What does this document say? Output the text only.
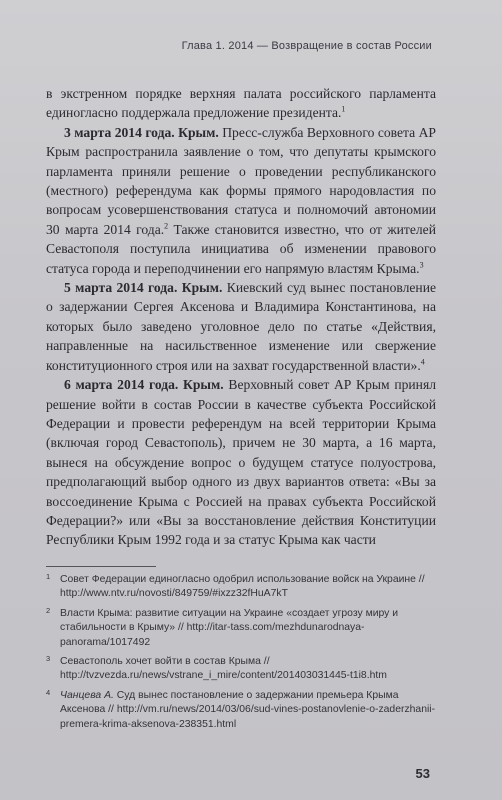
Глава 1. 2014 — Возвращение в состав России

в экстренном порядке верхняя палата российского парламента единогласно поддержала предложение президента.$^1$

3 марта 2014 года. Крым. Пресс-служба Верховного совета АР Крым распространила заявление о том, что депутаты крымского парламента приняли решение о проведении республиканского (местного) референдума как формы прямого народовластия по вопросам усовершенствования статуса и полномочий автономии 30 марта 2014 года.$^2$ Также становится известно, что от жителей Севастополя поступила инициатива об изменении правового статуса города и переподчинении его напрямую властям Крыма.$^3$

5 марта 2014 года. Крым. Киевский суд вынес постановление о задержании Сергея Аксенова и Владимира Константинова, на которых было заведено уголовное дело по статье «Действия, направленные на насильственное изменение или свержение конституционного строя или на захват государственной власти».$^4$

6 марта 2014 года. Крым. Верховный совет АР Крым принял решение войти в состав России в качестве субъекта Российской Федерации и провести референдум на всей территории Крыма (включая город Севастополь), причем не 30 марта, а 16 марта, вынеся на обсуждение вопрос о будущем статусе полуострова, предполагающий выбор одного из двух вариантов ответа: «Вы за воссоединение Крыма с Россией на правах субъекта Российской Федерации?» или «Вы за восстановление действия Конституции Республики Крым 1992 года и за статус Крыма как части

1 Совет Федерации единогласно одобрил использование войск на Украине // http://www.ntv.ru/novosti/849759/#ixzz32fHuA7kT
2 Власти Крыма: развитие ситуации на Украине «создает угрозу миру и стабильности в Крыму» // http://itar-tass.com/mezhdunarodnaya-panorama/1017492
3 Севастополь хочет войти в состав Крыма // http://tvzvezda.ru/news/vstrane_i_mire/content/201403031445-t1i8.htm
4 Чанцева А. Суд вынес постановление о задержании премьера Крыма Аксенова // http://vm.ru/news/2014/03/06/sud-vines-postanovlenie-o-zaderzhanii-premera-krima-aksenova-238351.html
53
